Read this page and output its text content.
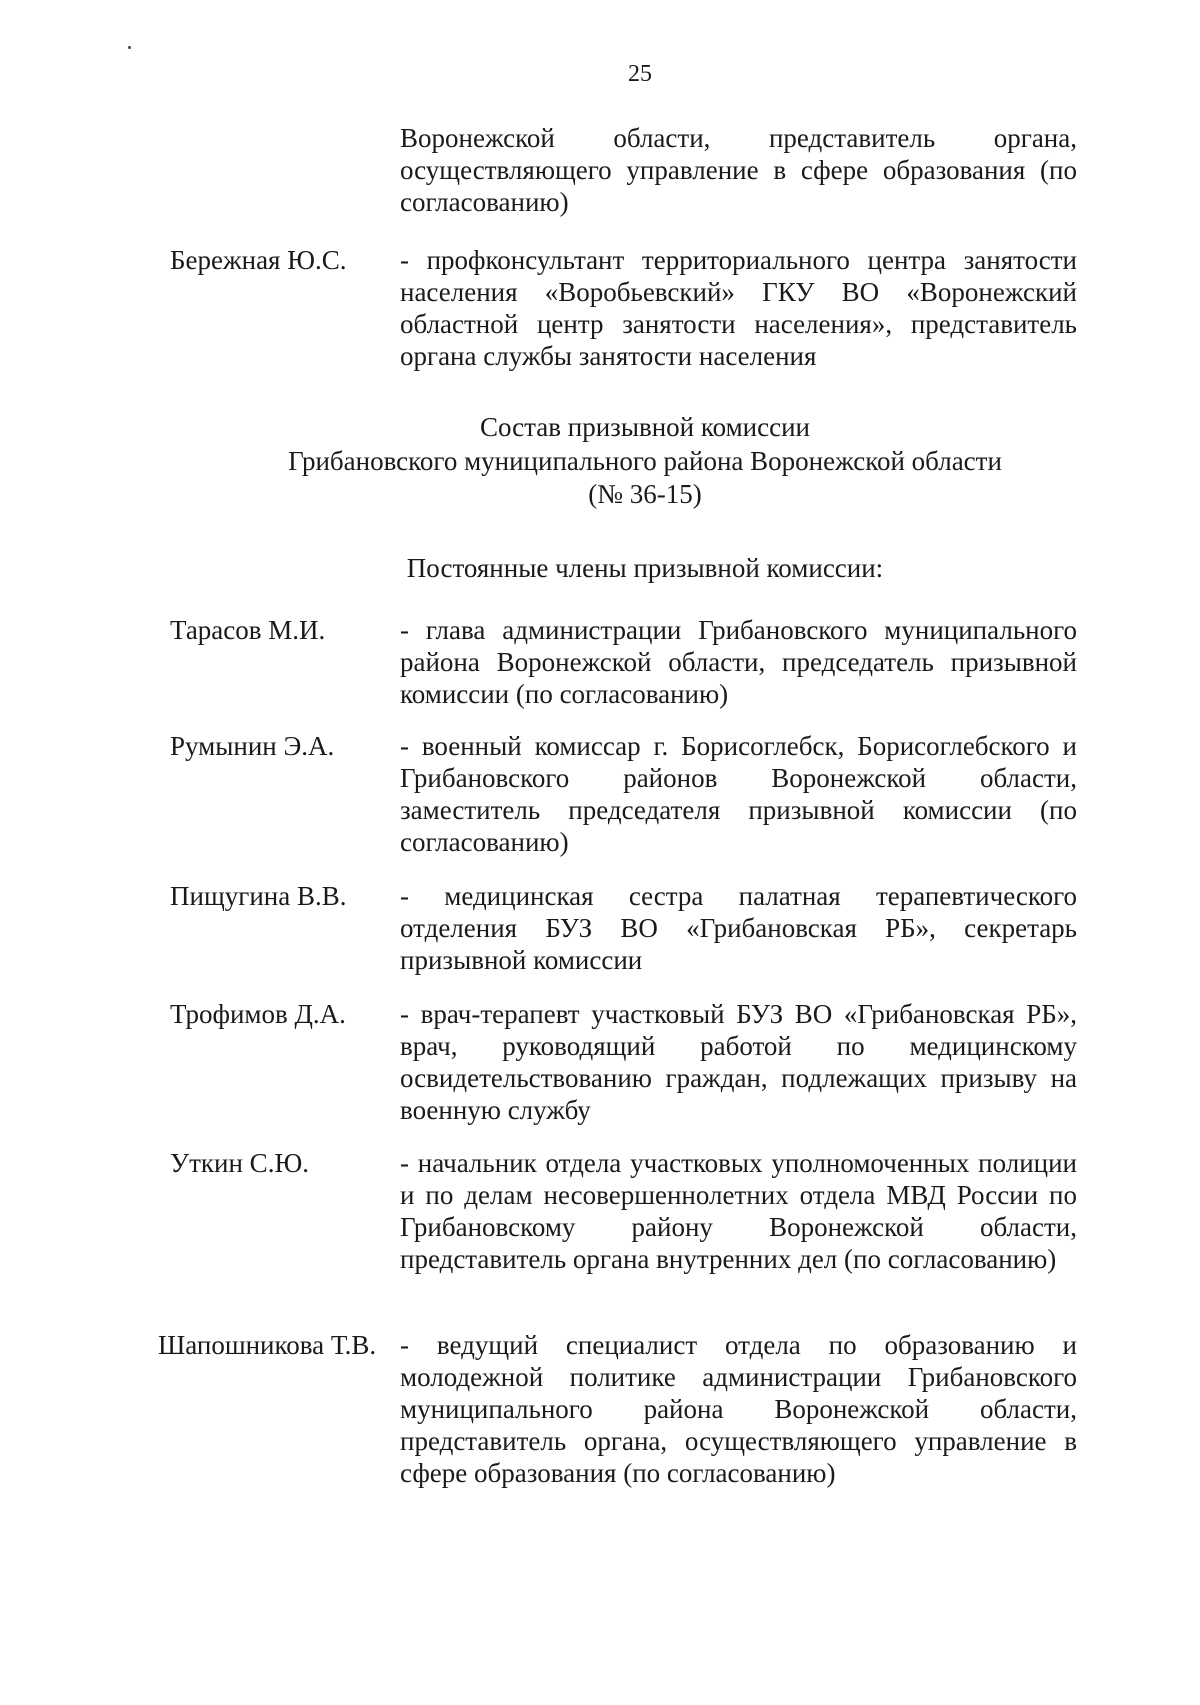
25
Воронежской области, представитель органа, осуществляющего управление в сфере образования (по согласованию)
Бережная Ю.С. - профконсультант территориального центра занятости населения «Воробьевский» ГКУ ВО «Воронежский областной центр занятости населения», представитель органа службы занятости населения
Состав призывной комиссии
Грибановского муниципального района Воронежской области
(№ 36-15)
Постоянные члены призывной комиссии:
Тарасов М.И.	- глава администрации Грибановского муниципального района Воронежской области, председатель призывной комиссии (по согласованию)
Румынин Э.А. - военный комиссар г. Борисоглебск, Борисоглебского и Грибановского районов Воронежской области, заместитель председателя призывной комиссии (по согласованию)
Пищугина В.В. - медицинская сестра палатная терапевтического отделения БУЗ ВО «Грибановская РБ», секретарь призывной комиссии
Трофимов Д.А. - врач-терапевт участковый БУЗ ВО «Грибановская РБ», врач, руководящий работой по медицинскому освидетельствованию граждан, подлежащих призыву на военную службу
Уткин С.Ю.	- начальник отдела участковых уполномоченных полиции и по делам несовершеннолетних отдела МВД России по Грибановскому району Воронежской области, представитель органа внутренних дел (по согласованию)
Шапошникова Т.В. - ведущий специалист отдела по образованию и молодежной политике администрации Грибановского муниципального района Воронежской области, представитель органа, осуществляющего управление в сфере образования (по согласованию)
